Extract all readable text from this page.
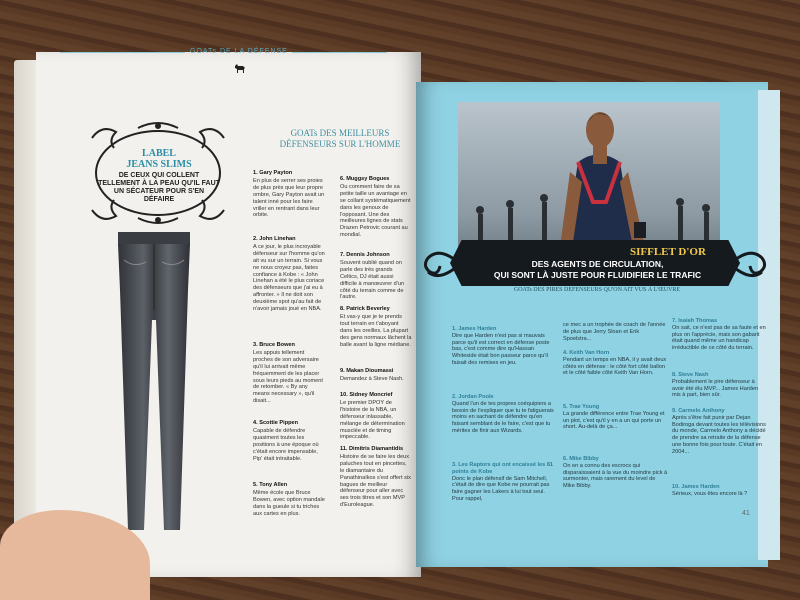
GOATs DE LA DÉFENSE
LABEL
JEANS SLIMS
DE CEUX QUI COLLENT TELLEMENT À LA PEAU QU'IL FAUT UN SÉCATEUR POUR S'EN DÉFAIRE
GOATs DES MEILLEURS DÉFENSEURS SUR L'HOMME
1. Gary Payton
En plus de serrer ses proies de plus près que leur propre ombre, Gary Payton avait un talent inné pour les faire vriller en rentrant dans leur orbite.
2. John Linehan
A ce jour, le plus incroyable défenseur sur l'homme qu'on ait vu sur un terrain. Si vous ne nous croyez pas, faites confiance à Kobe : « John Linehan a été le plus coriace des défenseurs que j'ai eu à affronter. » Il ne doit son deuxième spot qu'au fait de n'avoir jamais joué en NBA.
3. Bruce Bowen
Les appuis tellement proches de son adversaire qu'il lui arrivait même fréquemment de les placer sous leurs pieds au moment de retomber. « By any means necessary », qu'il disait...
4. Scottie Pippen
Capable de défendre quasiment toutes les positions à une époque où c'était encore impensable, Pip' était intraitable.
5. Tony Allen
Même école que Bruce Bowen, avec option mandale dans la gueule si tu triches aux cartes en plus.
6. Muggsy Bogues
Ou comment faire de sa petite taille un avantage en se collant systématiquement dans les genoux de l'opposant. Une des meilleures lignes de stats Drazen Petrovic courant au mondial.
7. Dennis Johnson
Souvent oublié quand on parle des très grands Celtics, DJ était aussi difficile à manœuvrer d'un côté du terrain comme de l'autre.
8. Patrick Beverley
Et vas-y que je te prends tout terrain en t'aboyant dans les oreilles. La plupart des gens normaux lâchent la balle avant la ligne médiane.
9. Makan Dioumassi
Demandez à Steve Nash.
10. Sidney Moncrief
Le premier DPOY de l'histoire de la NBA, un défenseur inlassable, mélange de détermination musclée et de timing impeccable.
11. Dimitris Diamantidis
Histoire de se faire les deux paluches tout en pincettes, le diamantaire du Panathinaïkos s'est offert six bagues de meilleur défenseur pour aller avec ses trois titres et son MVP d'Euroleague.
SIFFLET D'OR
DES AGENTS DE CIRCULATION,
QUI SONT LÀ JUSTE POUR FLUIDIFIER LE TRAFIC
GOATs DES PIRES DÉFENSEURS QU'ON AIT VUS À L'ŒUVRE
1. James Harden
Dire que Harden n'est pas si mauvais parce qu'il est correct en défense poste bas, c'est comme dire qu'Hassan Whiteside était bon passeur parce qu'il faisait des remises en jeu.
2. Jordan Poole
Quand l'un de tes propres coéquipiers a besoin de t'expliquer que tu te fatiguerais moins en sachant de défendre qu'en faisant semblant de le faire, c'est que tu mérites de finir aux Wizards.
3. Les Raptors qui ont encaissé les 81 points de Kobe
Donc le plan défensif de Sam Mitchell, c'était de dire que Kobe ne pourrait pas faire gagner les Lakers à lui tout seul. Pour rappel,
ce mec a un trophée de coach de l'année de plus que Jerry Sloan et Erik Spoelstra...
4. Keith Van Horn
Pendant un temps en NBA, il y avait deux côtés en défense : le côté fort côté ballon et le côté faible côté Keith Van Horn.
5. Trae Young
La grande différence entre Trae Young et un plot, c'est qu'il y en a un qui porte un short. Au-delà de ça...
6. Mike Bibby
On en a connu des escrocs qui disparaissaient à la vue du moindre pick à surmonter, mais rarement du level de Mike Bibby.
7. Isaiah Thomas
On sait, ce n'est pas de sa faute et en plus on l'apprécie, mais son gabarit était quand même un handicap irréductible de ce côté du terrain.
8. Steve Nash
Probablement le pire défenseur à avoir été élu MVP... James Harden mis à part, bien sûr.
9. Carmelo Anthony
Après s'être fait punir par Dejan Bodiroga devant toutes les télévisions du monde, Carmelo Anthony a décidé de prendre sa retraite de la défense une bonne fois pour toute. C'était en 2004...
10. James Harden
Sérieux, vous êtes encore là ?
41
